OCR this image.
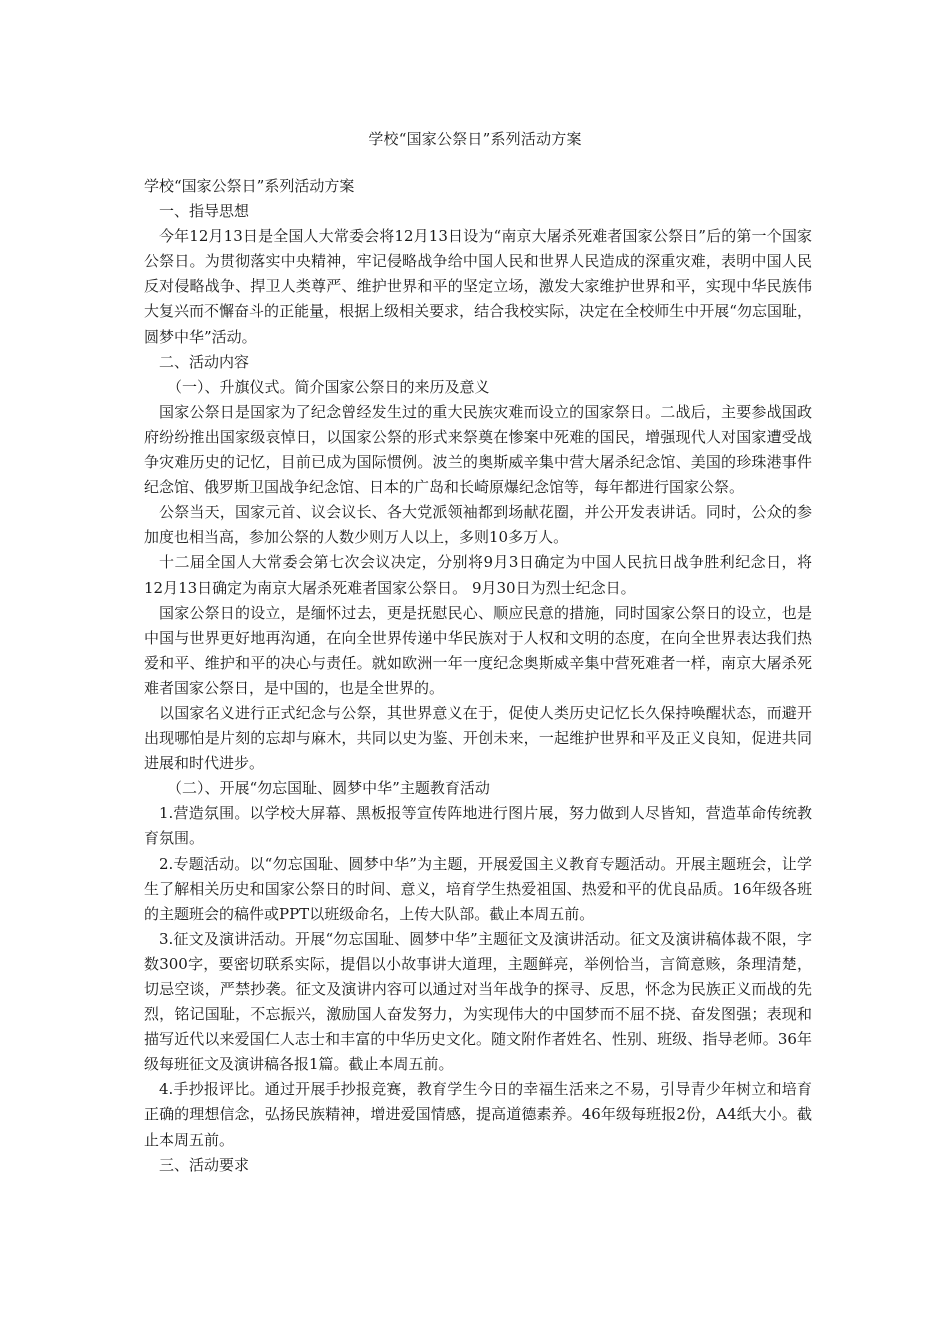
学校“国家公祭日”系列活动方案

学校“国家公祭日”系列活动方案

一、指导思想

今年12月13日是全国人大常委会将12月13日设为“南京大屠杀死难者国家公祭日”后的第一个国家公祭日。为贯彻落实中央精神，牢记侵略战争给中国人民和世界人民造成的深重灾难，表明中国人民反对侵略战争、捍卫人类尊严、维护世界和平的坚定立场，激发大家维护世界和平，实现中华民族伟大复兴而不懈奋斗的正能量，根据上级相关要求，结合我校实际，决定在全校师生中开展“勿忘国耻，圆梦中华”活动。

二、活动内容

（一）、升旗仪式。简介国家公祭日的来历及意义

国家公祭日是国家为了纪念曾经发生过的重大民族灾难而设立的国家祭日。二战后，主要参战国政府纷纷推出国家级哀悼日，以国家公祭的形式来祭奠在惨案中死难的国民，增强现代人对国家遭受战争灾难历史的记忆，目前已成为国际惯例。波兰的奥斯威辛集中营大屠杀纪念馆、美国的珍珠港事件纪念馆、俄罗斯卫国战争纪念馆、日本的广岛和长崎原爆纪念馆等，每年都进行国家公祭。

公祭当天，国家元首、议会议长、各大党派领袖都到场献花圈，并公开发表讲话。同时，公众的参加度也相当高，参加公祭的人数少则万人以上，多则10多万人。

十二届全国人大常委会第七次会议决定，分别将9月3日确定为中国人民抗日战争胜利纪念日，将12月13日确定为南京大屠杀死难者国家公祭日。 9月30日为烈士纪念日。

国家公祭日的设立，是缅怀过去，更是抚慰民心、顺应民意的措施，同时国家公祭日的设立，也是中国与世界更好地再沟通，在向全世界传递中华民族对于人权和文明的态度，在向全世界表达我们热爱和平、维护和平的决心与责任。就如欧洲一年一度纪念奥斯威辛集中营死难者一样，南京大屠杀死难者国家公祭日，是中国的，也是全世界的。

以国家名义进行正式纪念与公祭，其世界意义在于，促使人类历史记忆长久保持唤醒状态，而避开出现哪怕是片刻的忘却与麻木，共同以史为鉴、开创未来，一起维护世界和平及正义良知，促进共同进展和时代进步。

（二）、开展“勿忘国耻、圆梦中华”主题教育活动

1.营造氛围。以学校大屏幕、黑板报等宣传阵地进行图片展，努力做到人尽皆知，营造革命传统教育氛围。

2.专题活动。以“勿忘国耻、圆梦中华”为主题，开展爱国主义教育专题活动。开展主题班会，让学生了解相关历史和国家公祭日的时间、意义，培育学生热爱祖国、热爱和平的优良品质。16年级各班的主题班会的稿件或PPT以班级命名，上传大队部。截止本周五前。

3.征文及演讲活动。开展“勿忘国耻、圆梦中华”主题征文及演讲活动。征文及演讲稿体裁不限，字数300字，要密切联系实际，提倡以小故事讲大道理，主题鲜亮，举例恰当，言简意赅，条理清楚，切忌空谈，严禁抄袭。征文及演讲内容可以通过对当年战争的探寻、反思，怀念为民族正义而战的先烈，铭记国耻，不忘振兴，激励国人奋发努力，为实现伟大的中国梦而不屈不挠、奋发图强；表现和描写近代以来爱国仁人志士和丰富的中华历史文化。随文附作者姓名、性别、班级、指导老师。36年级每班征文及演讲稿各报1篇。截止本周五前。

4.手抄报评比。通过开展手抄报竞赛，教育学生今日的幸福生活来之不易，引导青少年树立和培育正确的理想信念，弘扬民族精神，增进爱国情感，提高道德素养。46年级每班报2份，A4纸大小。截止本周五前。

三、活动要求
